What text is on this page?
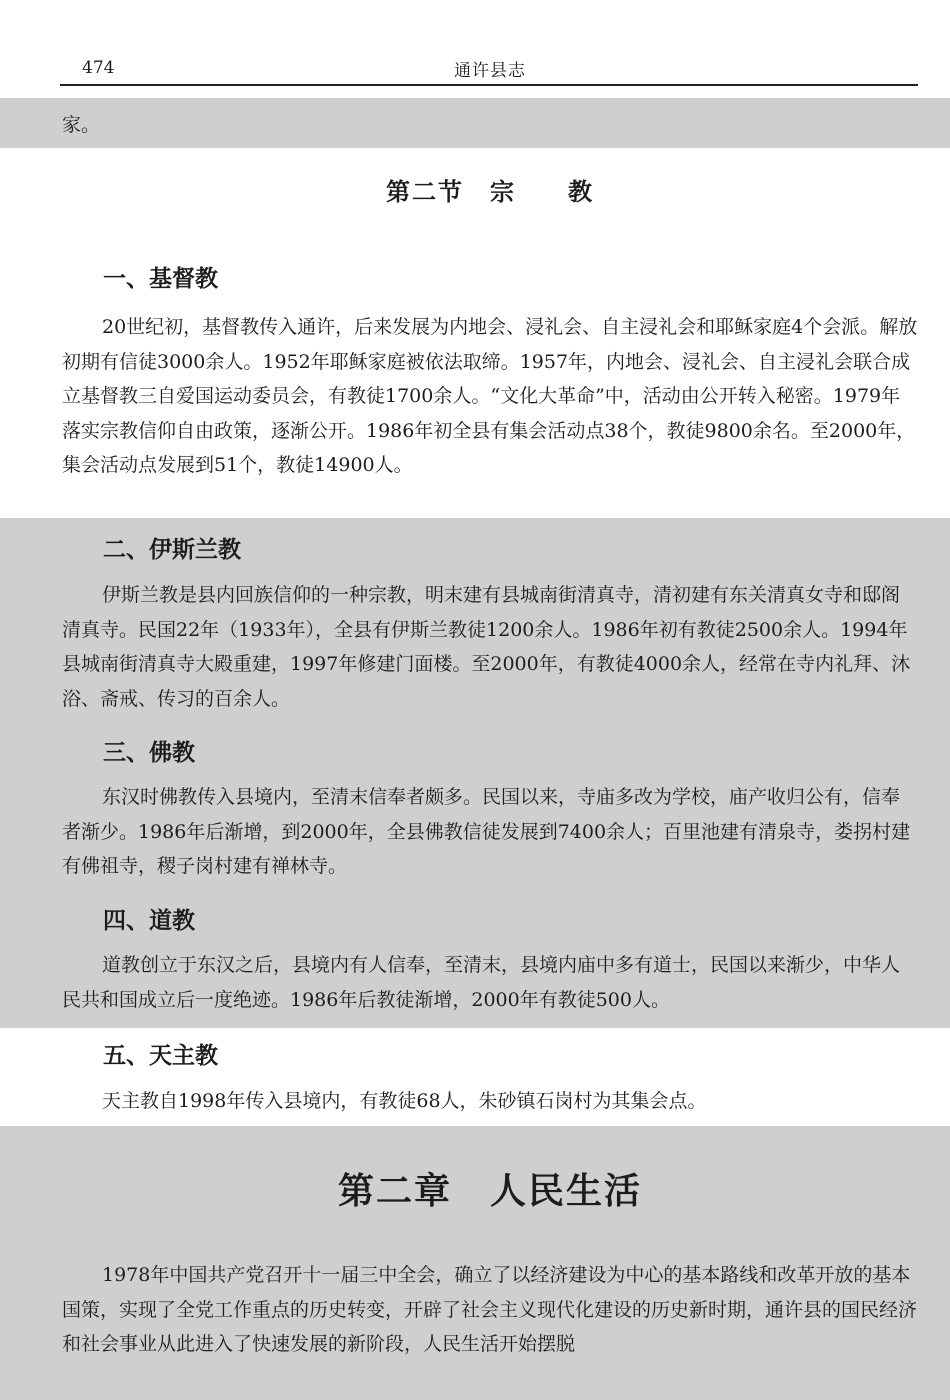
474	通许县志

家。

第二节　宗　　教
一、基督教

20世纪初，基督教传入通许，后来发展为内地会、浸礼会、自主浸礼会和耶稣家庭4个会派。解放初期有信徒3000余人。1952年耶稣家庭被依法取缔。1957年，内地会、浸礼会、自主浸礼会联合成立基督教三自爱国运动委员会，有教徒1700余人。“文化大革命”中，活动由公开转入秘密。1979年落实宗教信仰自由政策，逐渐公开。1986年初全县有集会活动点38个，教徒9800余名。至2000年，集会活动点发展到51个，教徒14900人。

二、伊斯兰教

伊斯兰教是县内回族信仰的一种宗教，明末建有县城南街清真寺，清初建有东关清真女寺和邸阁清真寺。民国22年（1933年），全县有伊斯兰教徒1200余人。1986年初有教徒2500余人。1994年县城南街清真寺大殿重建，1997年修建门面楼。至2000年，有教徒4000余人，经常在寺内礼拜、沐浴、斋戒、传习的百余人。

三、佛教

东汉时佛教传入县境内，至清末信奉者颇多。民国以来，寺庙多改为学校，庙产收归公有，信奉者渐少。1986年后渐增，到2000年，全县佛教信徒发展到7400余人；百里池建有清泉寺，娄拐村建有佛祖寺，稷子岗村建有禅林寺。

四、道教

道教创立于东汉之后，县境内有人信奉，至清末，县境内庙中多有道士，民国以来渐少，中华人民共和国成立后一度绝迹。1986年后教徒渐增，2000年有教徒500人。

五、天主教

天主教自1998年传入县境内，有教徒68人，朱砂镇石岗村为其集会点。

第二章　人民生活

1978年中国共产党召开十一届三中全会，确立了以经济建设为中心的基本路线和改革开放的基本国策，实现了全党工作重点的历史转变，开辟了社会主义现代化建设的历史新时期，通许县的国民经济和社会事业从此进入了快速发展的新阶段，人民生活开始摆脱
